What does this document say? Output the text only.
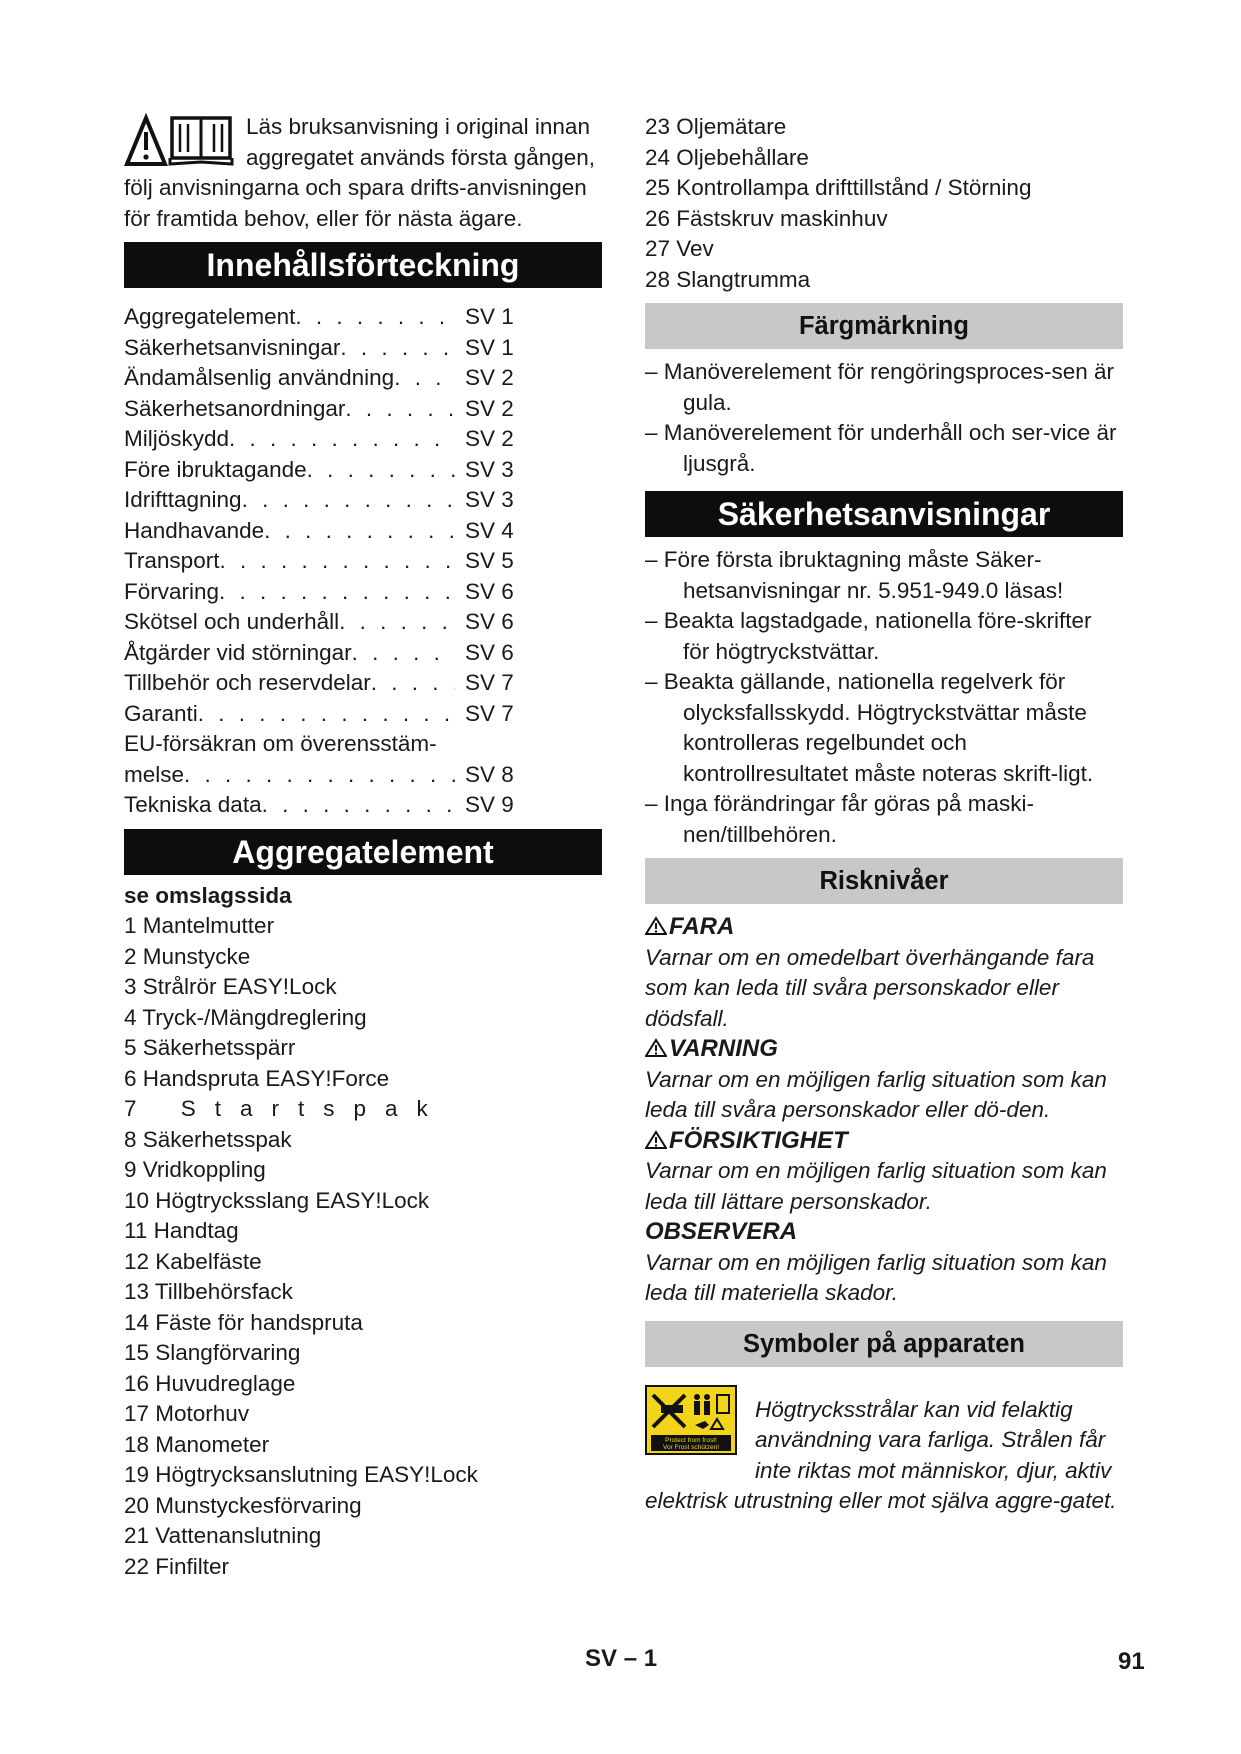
Läs bruksanvisning i original innan aggregatet används första gången, följ anvisningarna och spara drifts-anvisningen för framtida behov, eller för nästa ägare.
Innehållsförteckning
Aggregatelement . . .	SV 1
Säkerhetsanvisningar . . .	SV 1
Ändamålsenlig användning . . .	SV 2
Säkerhetsanordningar . . .	SV 2
Miljöskydd . . .	SV 2
Före ibruktagande . . .	SV 3
Idrifttagning . . .	SV 3
Handhavande . . .	SV 4
Transport . . .	SV 5
Förvaring . . .	SV 6
Skötsel och underhåll . . .	SV 6
Åtgärder vid störningar . . .	SV 6
Tillbehör och reservdelar . . .	SV 7
Garanti . . .	SV 7
EU-försäkran om överensstäm-
melse . . .	SV 8
Tekniska data . . .	SV 9
Aggregatelement
se omslagssida
1 Mantelmutter
2 Munstycke
3 Strålrör EASY!Lock
4 Tryck-/Mängdreglering
5 Säkerhetsspärr
6 Handspruta EASY!Force
7 Startspak
8 Säkerhetsspak
9 Vridkoppling
10 Högtrycksslang EASY!Lock
11 Handtag
12 Kabelfäste
13 Tillbehörsfack
14 Fäste för handspruta
15 Slangförvaring
16 Huvudreglage
17 Motorhuv
18 Manometer
19 Högtrycksanslutning EASY!Lock
20 Munstyckesförvaring
21 Vattenanslutning
22 Finfilter
23 Oljemätare
24 Oljebehållare
25 Kontrollampa drifttillstånd / Störning
26 Fästskruv maskinhuv
27 Vev
28 Slangtrumma
Färgmärkning
– Manöverelement för rengöringsproces-sen är gula.
– Manöverelement för underhåll och ser-vice är ljusgrå.
Säkerhetsanvisningar
– Före första ibruktagning måste Säker-hetsanvisningar nr. 5.951-949.0 läsas!
– Beakta lagstadgade, nationella före-skrifter för högtryckstvättar.
– Beakta gällande, nationella regelverk för olycksfallsskydd. Högtryckstvättar måste kontrolleras regelbundet och kontrollresultatet måste noteras skrift-ligt.
– Inga förändringar får göras på maski-nen/tillbehören.
Risknivåer
FARA
Varnar om en omedelbart överhängande fara som kan leda till svåra personskador eller dödsfall.
VARNING
Varnar om en möjligen farlig situation som kan leda till svåra personskador eller dö-den.
FÖRSIKTIGHET
Varnar om en möjligen farlig situation som kan leda till lättare personskador.
OBSERVERA
Varnar om en möjligen farlig situation som kan leda till materiella skador.
Symboler på apparaten
Protect from frost!
Vor Frost schützen!
Högtrycksstrålar kan vid felaktig användning vara farliga. Strålen får inte riktas mot människor, djur, aktiv elektrisk utrustning eller mot själva aggre-gatet.
SV – 1	91
